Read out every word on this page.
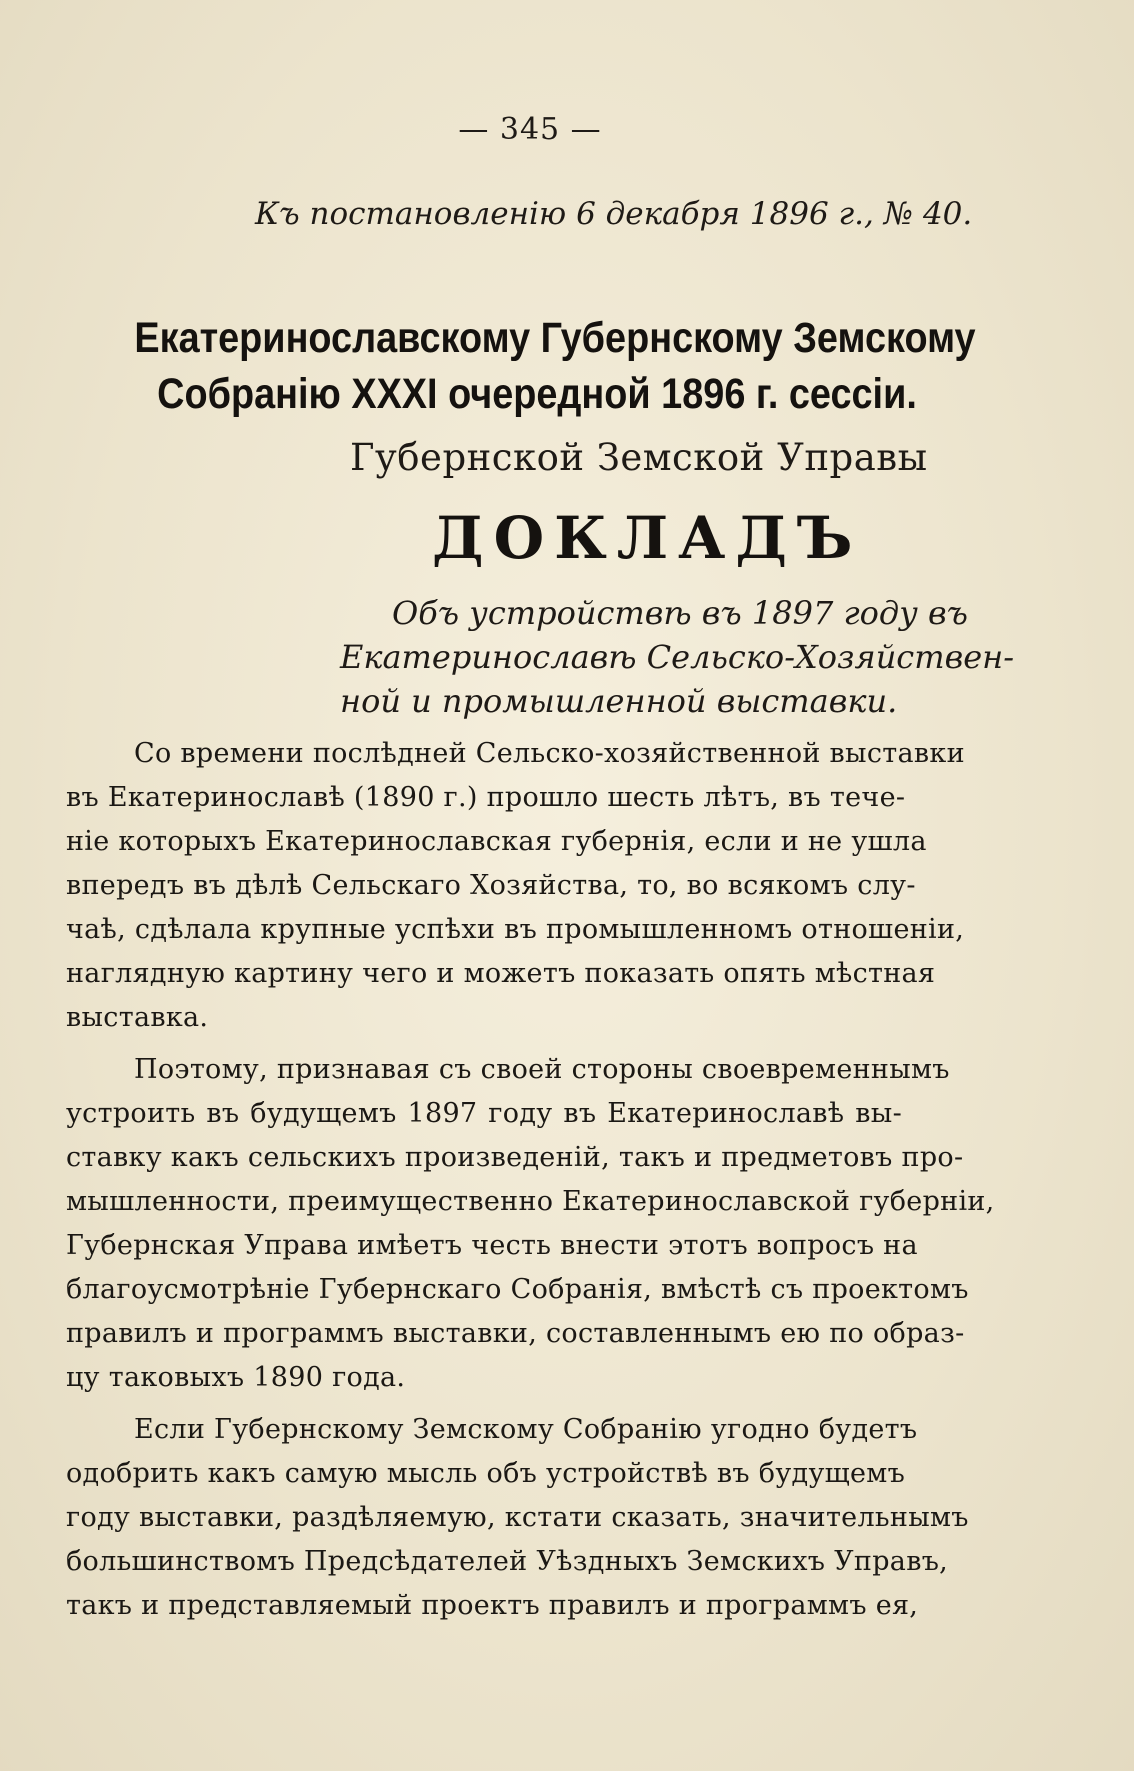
— 345 —
Къ постановленію 6 декабря 1896 г., № 40.
Екатеринославскому Губернскому Земскому
Собранію XXXI очередной 1896 г. сессіи.
Губернской Земской Управы
ДОКЛАДЪ
Объ устройствѣ въ 1897 году въ
Екатеринославѣ Сельско-Хозяйствен-
ной и промышленной выставки.
Со времени послѣдней Сельско-хозяйственной выставки
въ Екатеринославѣ (1890 г.) прошло шесть лѣтъ, въ тече-
ніе которыхъ Екатеринославская губернія, если и не ушла
впередъ въ дѣлѣ Сельскаго Хозяйства, то, во всякомъ слу-
чаѣ, сдѣлала крупные успѣхи въ промышленномъ отношеніи,
наглядную картину чего и можетъ показать опять мѣстная
выставка.
Поэтому, признавая съ своей стороны своевременнымъ
устроить въ будущемъ 1897 году въ Екатеринославѣ вы-
ставку какъ сельскихъ произведеній, такъ и предметовъ про-
мышленности, преимущественно Екатеринославской губерніи,
Губернская Управа имѣетъ честь внести этотъ вопросъ на
благоусмотрѣніе Губернскаго Собранія, вмѣстѣ съ проектомъ
правилъ и программъ выставки, составленнымъ ею по образ-
цу таковыхъ 1890 года.
Если Губернскому Земскому Собранію угодно будетъ
одобрить какъ самую мысль объ устройствѣ въ будущемъ
году выставки, раздѣляемую, кстати сказать, значительнымъ
большинствомъ Предсѣдателей Уѣздныхъ Земскихъ Управъ,
такъ и представляемый проектъ правилъ и программъ ея,
